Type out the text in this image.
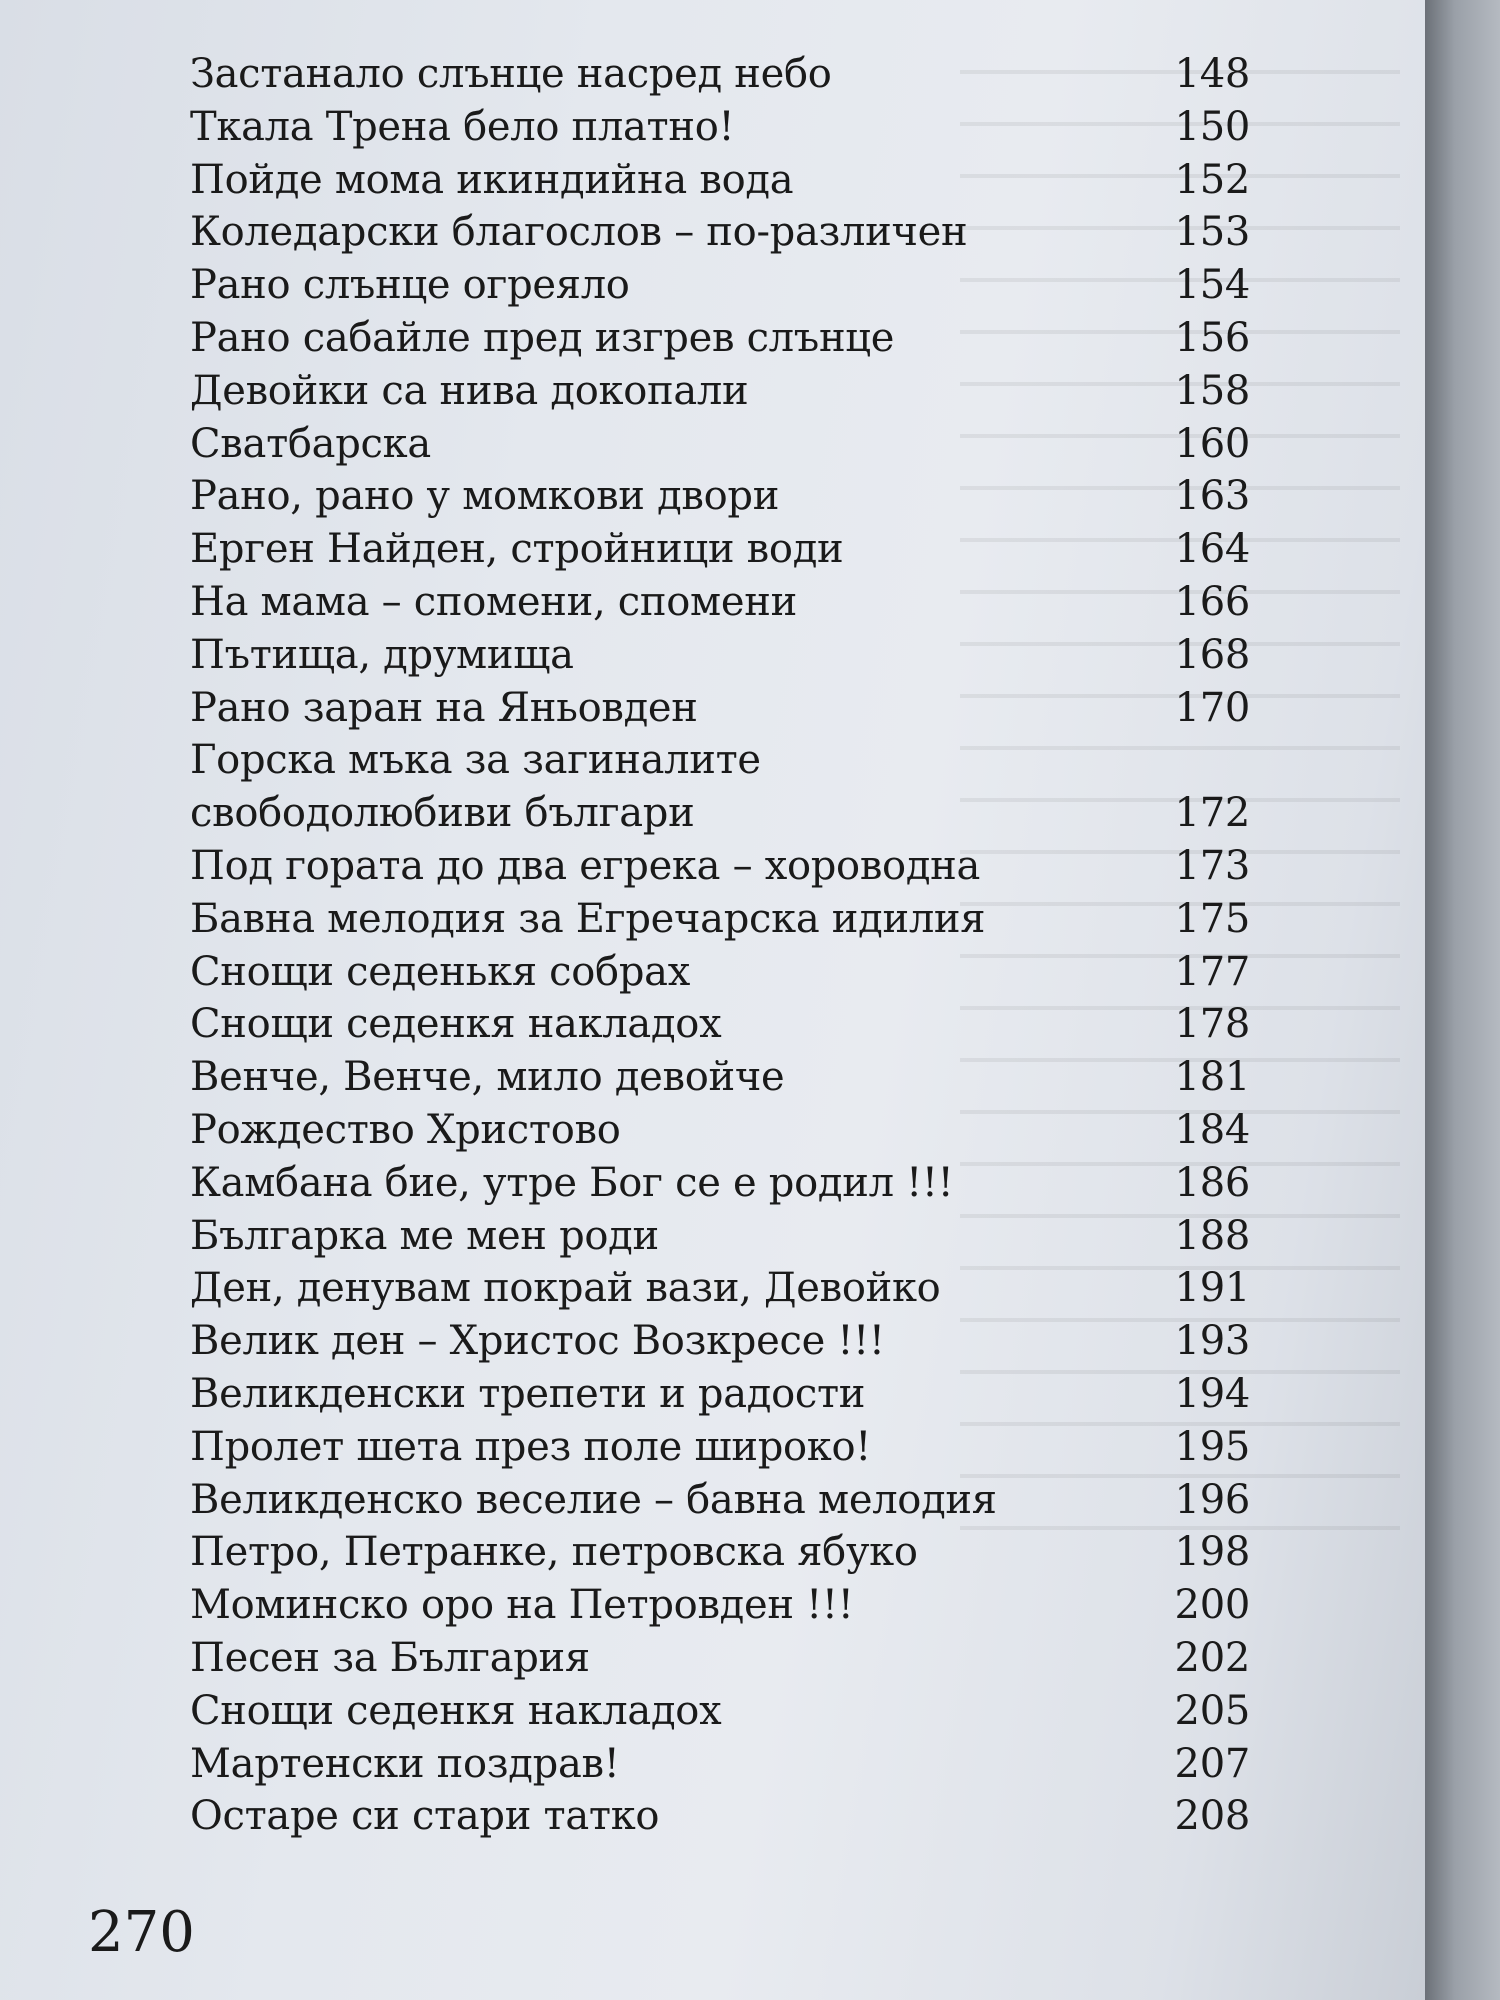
Застанало слънце насред небо	148
Ткала Трена бело платно!	150
Пойде мома икиндийна вода	152
Коледарски благослов – по-различен	153
Рано слънце огреяло	154
Рано сабайле пред изгрев слънце	156
Девойки са нива докопали	158
Сватбарска	160
Рано, рано у момкови двори	163
Ерген Найден, стройници води	164
На мама – спомени, спомени	166
Пътища, друмища	168
Рано заран на Яньовден	170
Горска мъка за загиналите свободолюбиви българи	172
Под гората до два егрека – хороводна	173
Бавна мелодия за Егречарска идилия	175
Снощи седенькя собрах	177
Снощи седенкя накладох	178
Венче, Венче, мило девойче	181
Рождество Христово	184
Камбана бие, утре Бог се е родил !!!	186
Българка ме мен роди	188
Ден, денувам покрай вази, Девойко	191
Велик ден – Христос Возкресе !!!	193
Великденски трепети и радости	194
Пролет шета през поле широко!	195
Великденско веселие – бавна мелодия	196
Петро, Петранке, петровска ябуко	198
Моминско оро на Петровден !!!	200
Песен за България	202
Снощи седенкя накладох	205
Мартенски поздрав!	207
Остаре си стари татко	208
270
